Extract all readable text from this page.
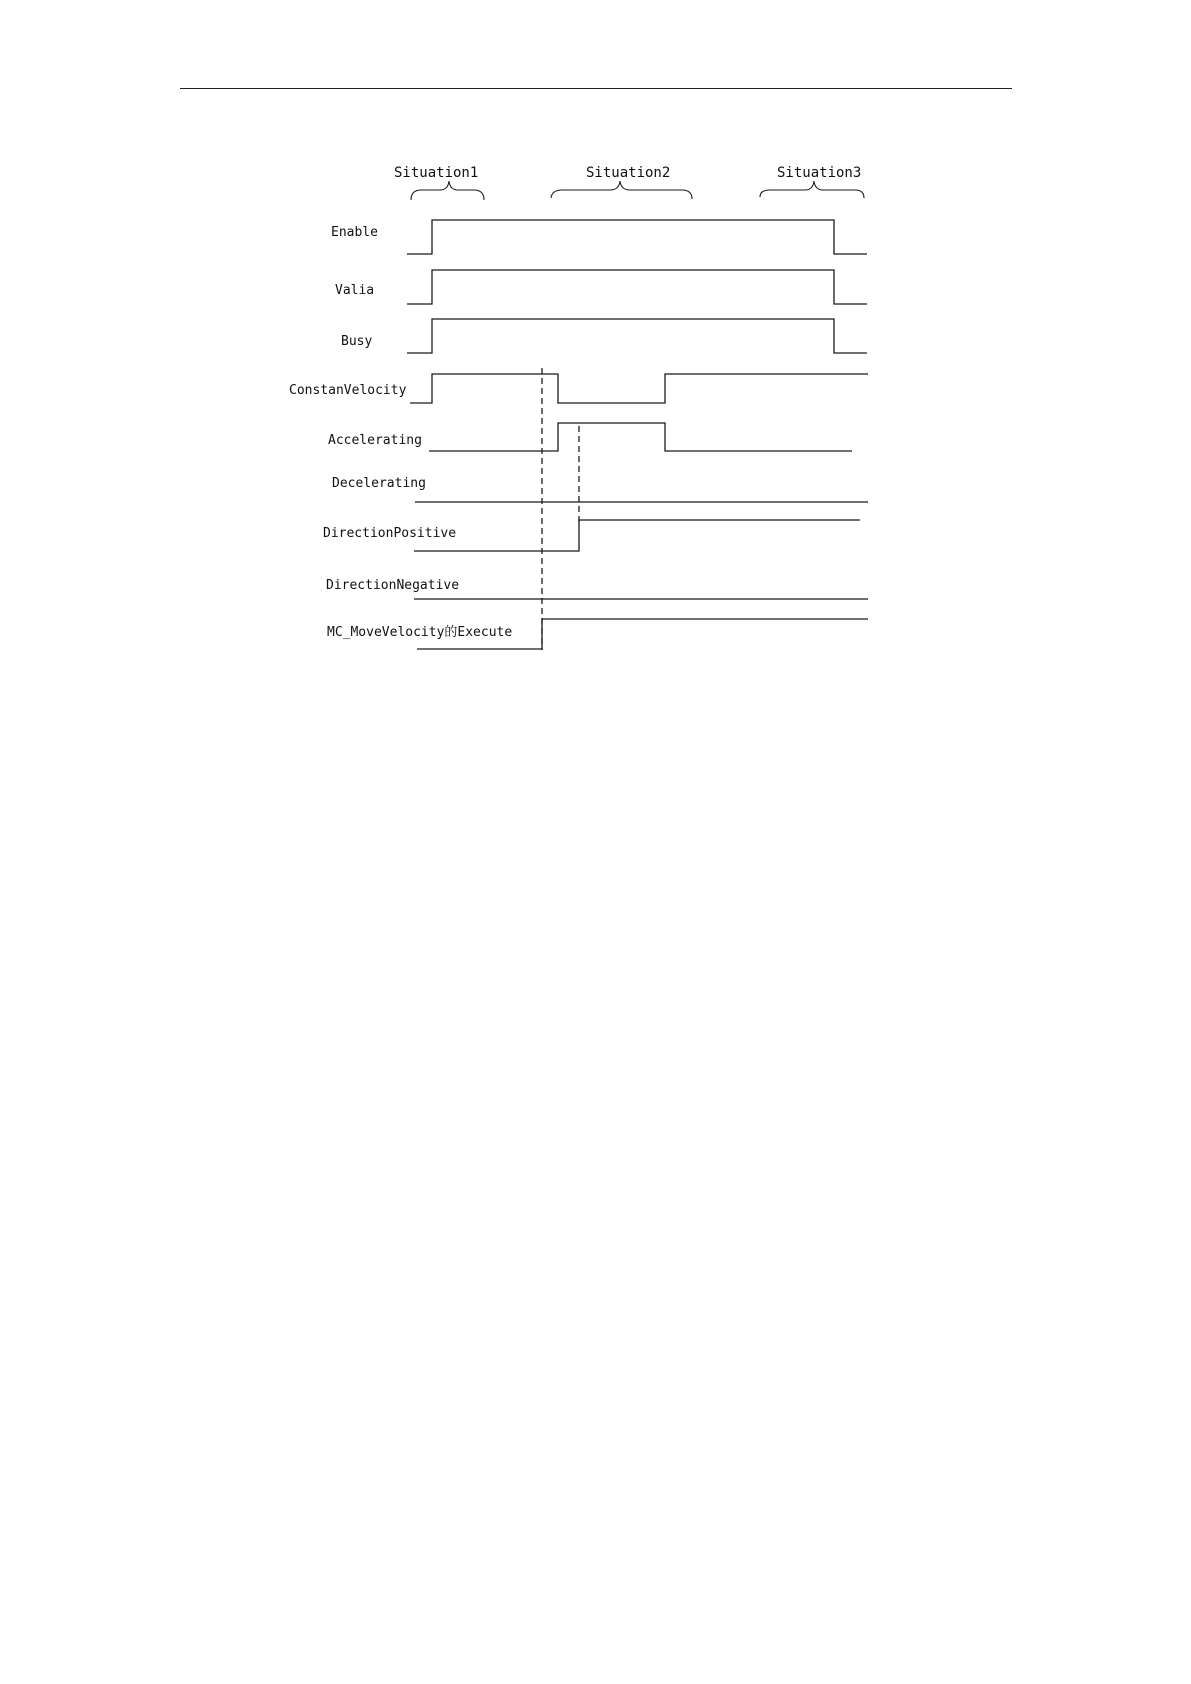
Situation1	Situation2	Situation3
Enable
Valia
Busy
ConstanVelocity
Accelerating
Decelerating
DirectionPositive
DirectionNegative
MC_MoveVelocity的Execute
